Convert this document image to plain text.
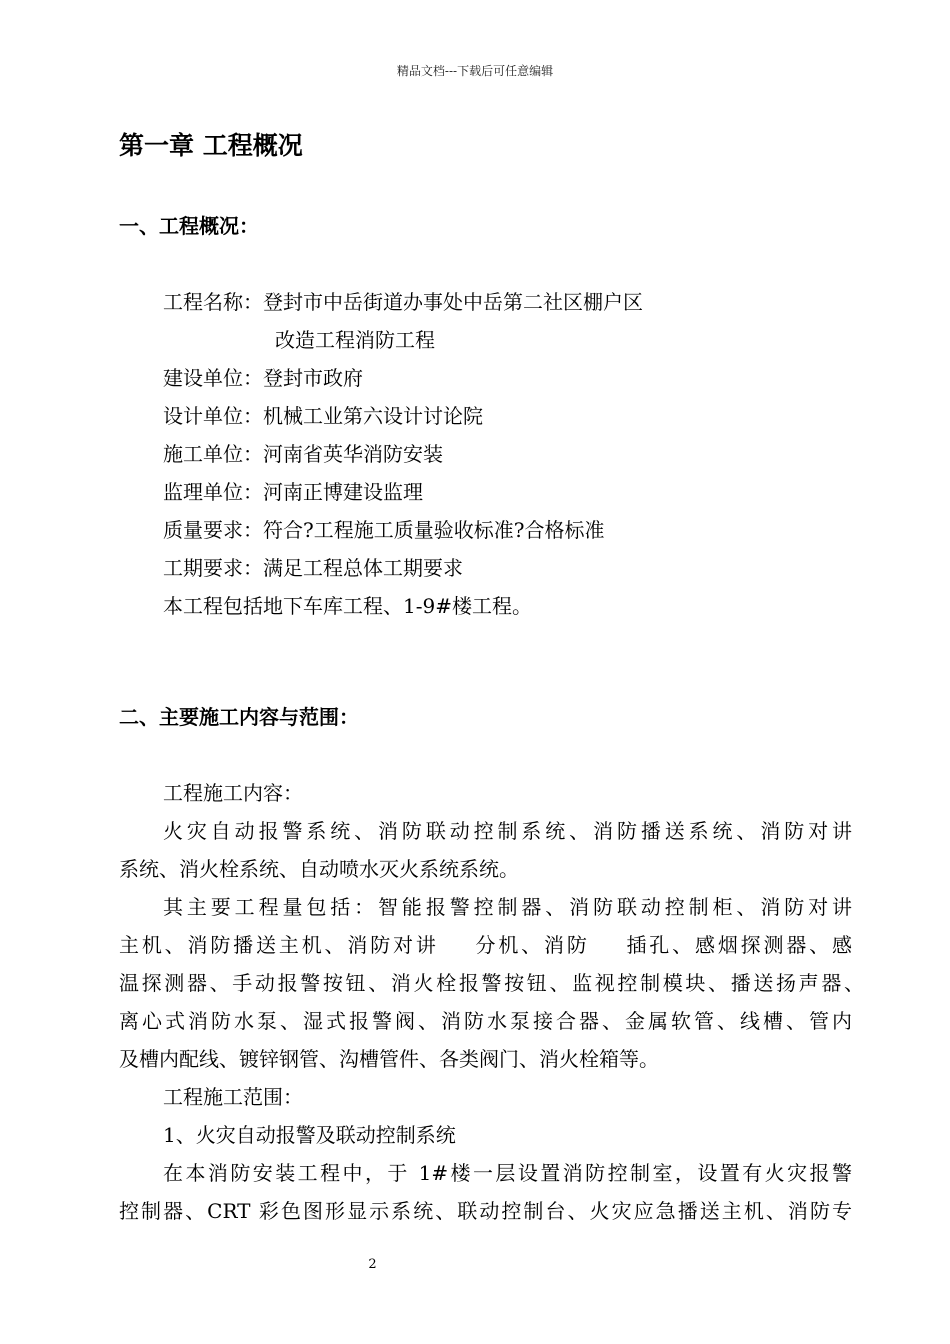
精品文档---下载后可任意编辑
第一章 工程概况
一、工程概况：
工程名称：登封市中岳街道办事处中岳第二社区棚户区
改造工程消防工程
建设单位：登封市政府
设计单位：机械工业第六设计讨论院
施工单位：河南省英华消防安装
监理单位：河南正博建设监理
质量要求：符合?工程施工质量验收标准?合格标准
工期要求：满足工程总体工期要求
本工程包括地下车库工程、1-9#楼工程。
二、主要施工内容与范围：
工程施工内容：
火灾自动报警系统、消防联动控制系统、消防播送系统、消防对讲
系统、消火栓系统、自动喷水灭火系统系统。
其主要工程量包括：智能报警控制器、消防联动控制柜、消防对讲
主机、消防播送主机、消防对讲    分机、消防    插孔、感烟探测器、感
温探测器、手动报警按钮、消火栓报警按钮、监视控制模块、播送扬声器、
离心式消防水泵、湿式报警阀、消防水泵接合器、金属软管、线槽、管内
及槽内配线、镀锌钢管、沟槽管件、各类阀门、消火栓箱等。
工程施工范围：
1、火灾自动报警及联动控制系统
在本消防安装工程中，于 1#楼一层设置消防控制室，设置有火灾报警
控制器、CRT 彩色图形显示系统、联动控制台、火灾应急播送主机、消防专
2
